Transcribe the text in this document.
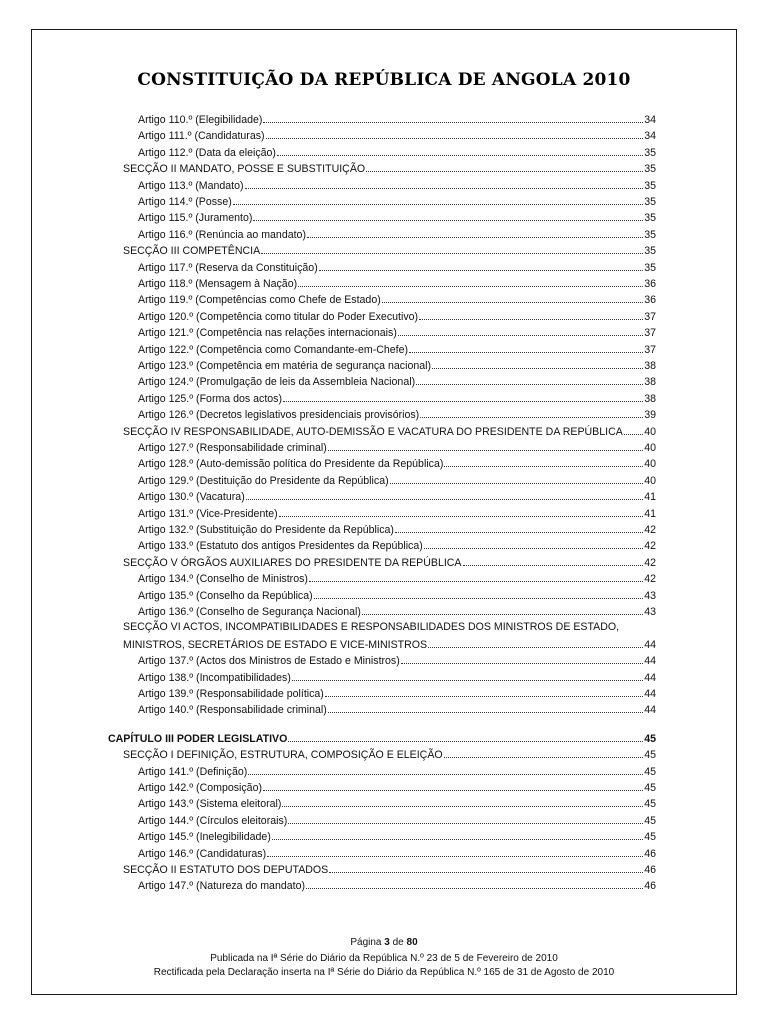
CONSTITUIÇÃO DA REPÚBLICA DE ANGOLA 2010
Artigo 110.º (Elegibilidade)	34
Artigo 111.º (Candidaturas)	34
Artigo 112.º (Data da eleição)	35
SECÇÃO II MANDATO, POSSE E SUBSTITUIÇÃO	35
Artigo 113.º (Mandato)	35
Artigo 114.º (Posse)	35
Artigo 115.º (Juramento)	35
Artigo 116.º (Renúncia ao mandato)	35
SECÇÃO III COMPETÊNCIA	35
Artigo 117.º (Reserva da Constituição)	35
Artigo 118.º (Mensagem à Nação)	36
Artigo 119.º (Competências como Chefe de Estado)	36
Artigo 120.º (Competência como titular do Poder Executivo)	37
Artigo 121.º (Competência nas relações internacionais)	37
Artigo 122.º (Competência como Comandante-em-Chefe)	37
Artigo 123.º (Competência em matéria de segurança nacional)	38
Artigo 124.º (Promulgação de leis da Assembleia Nacional)	38
Artigo 125.º (Forma dos actos)	38
Artigo 126.º (Decretos legislativos presidenciais provisórios)	39
SECÇÃO IV RESPONSABILIDADE, AUTO-DEMISSÃO E VACATURA DO PRESIDENTE DA REPÚBLICA 40
Artigo 127.º (Responsabilidade criminal)	40
Artigo 128.º (Auto-demissão política do Presidente da República)	40
Artigo 129.º (Destituição do Presidente da República)	40
Artigo 130.º (Vacatura)	41
Artigo 131.º (Vice-Presidente)	41
Artigo 132.º (Substituição do Presidente da República)	42
Artigo 133.º (Estatuto dos antigos Presidentes da República)	42
SECÇÃO V ÓRGÃOS AUXILIARES DO PRESIDENTE DA REPÚBLICA	42
Artigo 134.º (Conselho de Ministros)	42
Artigo 135.º (Conselho da República)	43
Artigo 136.º (Conselho de Segurança Nacional)	43
SECÇÃO VI ACTOS, INCOMPATIBILIDADES E RESPONSABILIDADES DOS MINISTROS DE ESTADO,
MINISTROS, SECRETÁRIOS DE ESTADO E VICE-MINISTROS	44
Artigo 137.º (Actos dos Ministros de Estado e Ministros)	44
Artigo 138.º (Incompatibilidades)	44
Artigo 139.º (Responsabilidade política)	44
Artigo 140.º (Responsabilidade criminal)	44
CAPÍTULO III PODER LEGISLATIVO	45
SECÇÃO I DEFINIÇÃO, ESTRUTURA, COMPOSIÇÃO E ELEIÇÃO	45
Artigo 141.º (Definição)	45
Artigo 142.º (Composição)	45
Artigo 143.º (Sistema eleitoral)	45
Artigo 144.º (Círculos eleitorais)	45
Artigo 145.º (Inelegibilidade)	45
Artigo 146.º (Candidaturas)	46
SECÇÃO II ESTATUTO DOS DEPUTADOS	46
Artigo 147.º (Natureza do mandato)	46
Página 3 de 80
Publicada na Iª Série do Diário da República N.º 23 de 5 de Fevereiro de 2010
Rectificada pela Declaração inserta na Iª Série do Diário da República N.º 165 de 31 de Agosto de 2010
